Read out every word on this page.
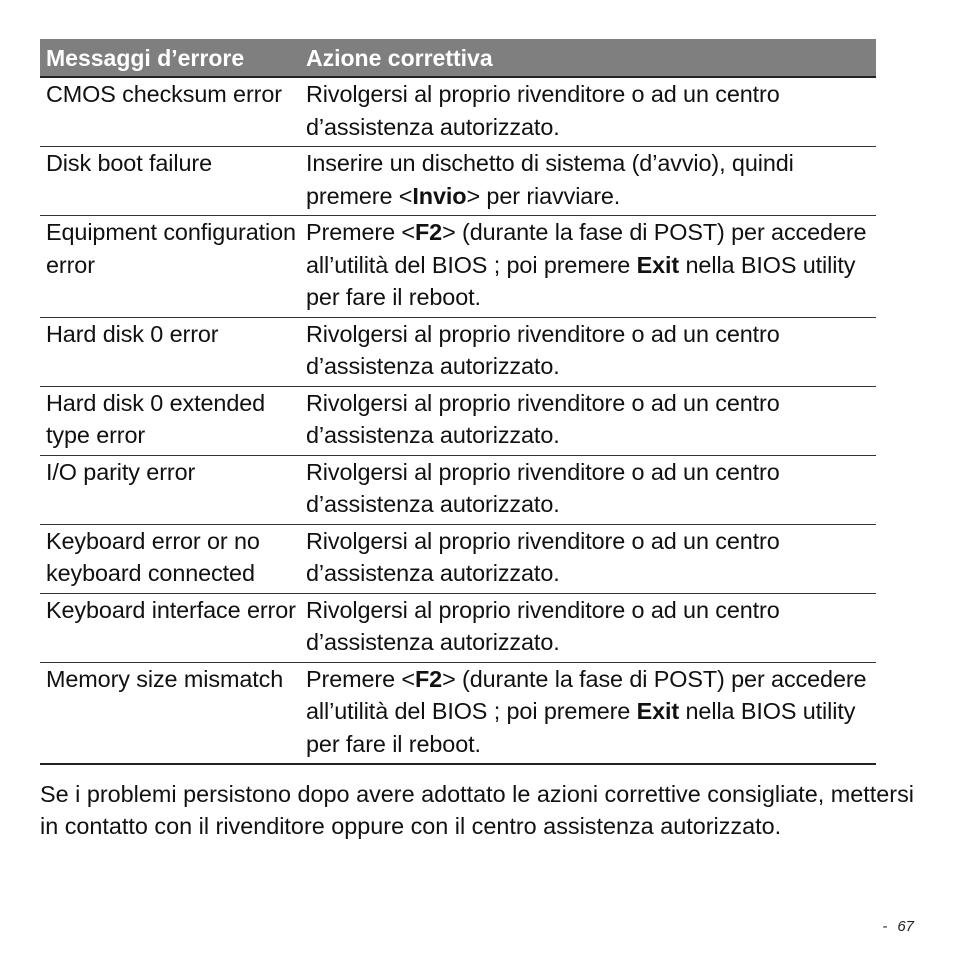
Messaggi d’errore	Azione correttiva
CMOS checksum error	Rivolgersi al proprio rivenditore o ad un centro d’assistenza autorizzato.
Disk boot failure	Inserire un dischetto di sistema (d’avvio), quindi premere <Invio> per riavviare.
Equipment configuration error	Premere <F2> (durante la fase di POST) per accedere all’utilità del BIOS ; poi premere Exit nella BIOS utility per fare il reboot.
Hard disk 0 error	Rivolgersi al proprio rivenditore o ad un centro d’assistenza autorizzato.
Hard disk 0 extended type error	Rivolgersi al proprio rivenditore o ad un centro d’assistenza autorizzato.
I/O parity error	Rivolgersi al proprio rivenditore o ad un centro d’assistenza autorizzato.
Keyboard error or no keyboard connected	Rivolgersi al proprio rivenditore o ad un centro d’assistenza autorizzato.
Keyboard interface error	Rivolgersi al proprio rivenditore o ad un centro d’assistenza autorizzato.
Memory size mismatch	Premere <F2> (durante la fase di POST) per accedere all’utilità del BIOS ; poi premere Exit nella BIOS utility per fare il reboot.

Se i problemi persistono dopo avere adottato le azioni correttive consigliate, mettersi in contatto con il rivenditore oppure con il centro assistenza autorizzato.

- 67
